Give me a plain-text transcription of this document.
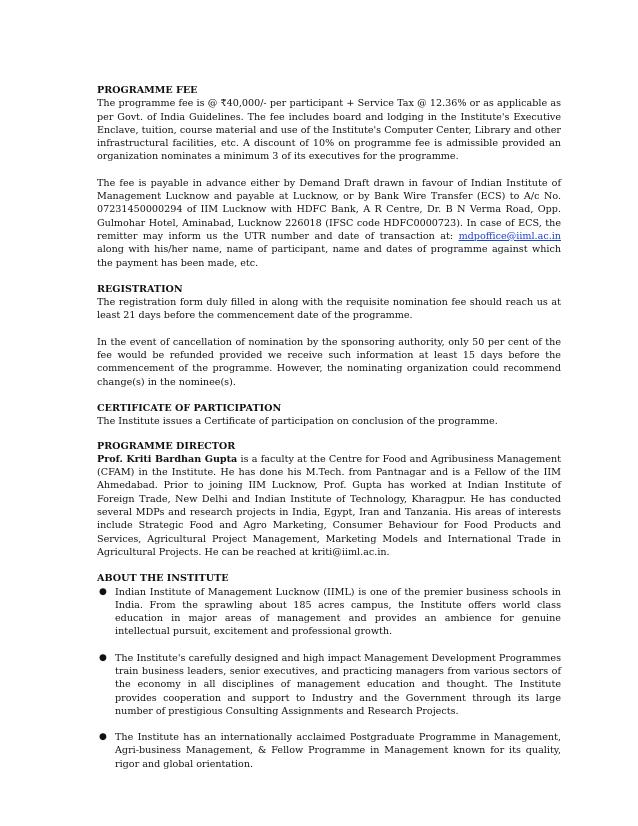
PROGRAMME FEE

The programme fee is @ ₹40,000/- per participant + Service Tax @ 12.36% or as applicable as per Govt. of India Guidelines. The fee includes board and lodging in the Institute's Executive Enclave, tuition, course material and use of the Institute's Computer Center, Library and other infrastructural facilities, etc. A discount of 10% on programme fee is admissible provided an organization nominates a minimum 3 of its executives for the programme.

The fee is payable in advance either by Demand Draft drawn in favour of Indian Institute of Management Lucknow and payable at Lucknow, or by Bank Wire Transfer (ECS) to A/c No. 07231450000294 of IIM Lucknow with HDFC Bank, A R Centre, Dr. B N Verma Road, Opp. Gulmohar Hotel, Aminabad, Lucknow 226018 (IFSC code HDFC0000723). In case of ECS, the remitter may inform us the UTR number and date of transaction at: mdpoffice@iiml.ac.in along with his/her name, name of participant, name and dates of programme against which the payment has been made, etc.

REGISTRATION

The registration form duly filled in along with the requisite nomination fee should reach us at least 21 days before the commencement date of the programme.

In the event of cancellation of nomination by the sponsoring authority, only 50 per cent of the fee would be refunded provided we receive such information at least 15 days before the commencement of the programme. However, the nominating organization could recommend change(s) in the nominee(s).

CERTIFICATE OF PARTICIPATION

The Institute issues a Certificate of participation on conclusion of the programme.

PROGRAMME DIRECTOR

Prof. Kriti Bardhan Gupta is a faculty at the Centre for Food and Agribusiness Management (CFAM) in the Institute. He has done his M.Tech. from Pantnagar and is a Fellow of the IIM Ahmedabad. Prior to joining IIM Lucknow, Prof. Gupta has worked at Indian Institute of Foreign Trade, New Delhi and Indian Institute of Technology, Kharagpur. He has conducted several MDPs and research projects in India, Egypt, Iran and Tanzania. His areas of interests include Strategic Food and Agro Marketing, Consumer Behaviour for Food Products and Services, Agricultural Project Management, Marketing Models and International Trade in Agricultural Projects. He can be reached at kriti@iiml.ac.in.

ABOUT THE INSTITUTE
● Indian Institute of Management Lucknow (IIML) is one of the premier business schools in India. From the sprawling about 185 acres campus, the Institute offers world class education in major areas of management and provides an ambience for genuine intellectual pursuit, excitement and professional growth.
● The Institute's carefully designed and high impact Management Development Programmes train business leaders, senior executives, and practicing managers from various sectors of the economy in all disciplines of management education and thought. The Institute provides cooperation and support to Industry and the Government through its large number of prestigious Consulting Assignments and Research Projects.
● The Institute has an internationally acclaimed Postgraduate Programme in Management, Agri-business Management, & Fellow Programme in Management known for its quality, rigor and global orientation.
